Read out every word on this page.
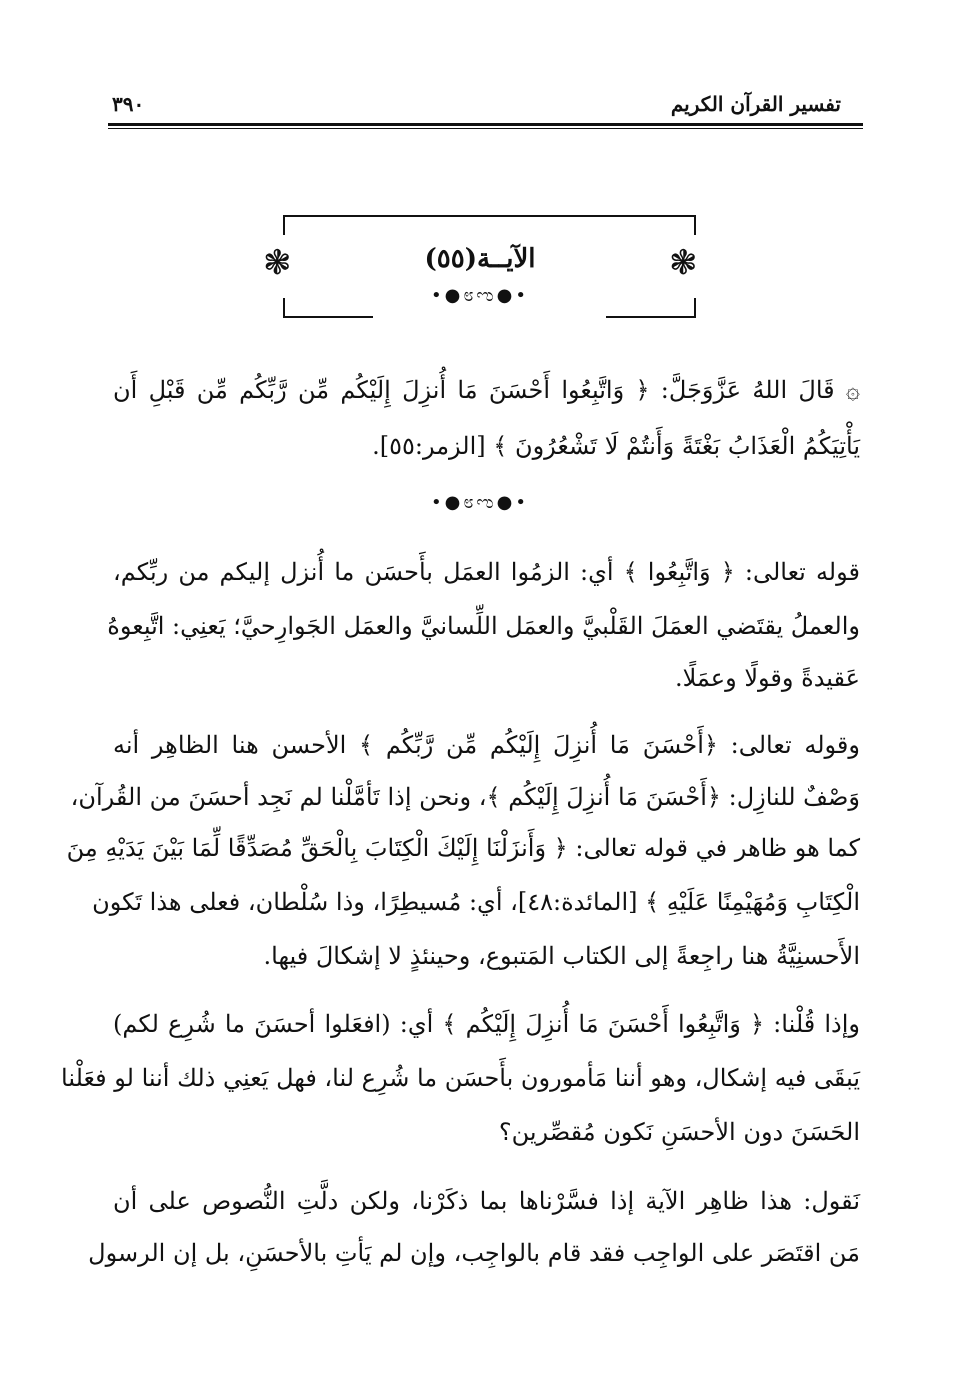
٣٩٠	تفسير القرآن الكريم
❃	❃
الآيــة(٥٥)
•●೮ಌ●•
۞ قَالَ اللهُ عَزَّوَجَلَّ: ﴿ وَاتَّبِعُوا أَحْسَنَ مَا أُنزِلَ إِلَيْكُم مِّن رَّبِّكُم مِّن قَبْلِ أَن
يَأْتِيَكُمُ الْعَذَابُ بَغْتَةً وَأَنتُمْ لَا تَشْعُرُونَ ﴾ [الزمر:٥٥].
•●೮ಌ●•
قوله تعالى: ﴿ وَاتَّبِعُوا ﴾ أي: الزمُوا العمَل بأَحسَن ما أُنزل إليكم من ربِّكم،
والعملُ يقتَضي العمَلَ القَلْبيَّ والعمَل اللِّسانيَّ والعمَل الجَوارِحيَّ؛ يَعنِي: اتَّبِعوهُ
عَقيدةً وقولًا وعمَلًا.
وقوله تعالى: ﴿أَحْسَنَ مَا أُنزِلَ إِلَيْكُم مِّن رَّبِّكُم ﴾ الأحسن هنا الظاهِر أنه
وَصْفٌ للنازِل: ﴿أَحْسَنَ مَا أُنزِلَ إِلَيْكُم ﴾، ونحن إذا تَأمَّلْنا لم نَجِد أحسَنَ من القُرآن،
كما هو ظاهر في قوله تعالى: ﴿ وَأَنزَلْنَا إِلَيْكَ الْكِتَابَ بِالْحَقِّ مُصَدِّقًا لِّمَا بَيْنَ يَدَيْهِ مِنَ
الْكِتَابِ وَمُهَيْمِنًا عَلَيْهِ ﴾ [المائدة:٤٨]، أي: مُسيطِرًا، وذا سُلْطان، فعلى هذا تَكون
الأَحسنِيَّةُ هنا راجِعةً إلى الكتاب المَتبوع، وحينئذٍ لا إشكالَ فيها.
وإذا قُلْنا: ﴿ وَاتَّبِعُوا أَحْسَنَ مَا أُنزِلَ إِلَيْكُم ﴾ أي: (افعَلوا أحسَنَ ما شُرِع لكم)
يَبقَى فيه إشكال، وهو أننا مَأمورون بأَحسَن ما شُرِع لنا، فهل يَعنِي ذلك أننا لو فعَلْنا
الحَسَنَ دون الأحسَنِ نَكون مُقصِّرين؟
نَقول: هذا ظاهِر الآية إذا فسَّرْناها بما ذكَرْنا، ولكن دلَّتِ النُّصوص على أن
مَن اقتَصَر على الواجِب فقد قام بالواجِب، وإن لم يَأتِ بالأحسَنِ، بل إن الرسول
